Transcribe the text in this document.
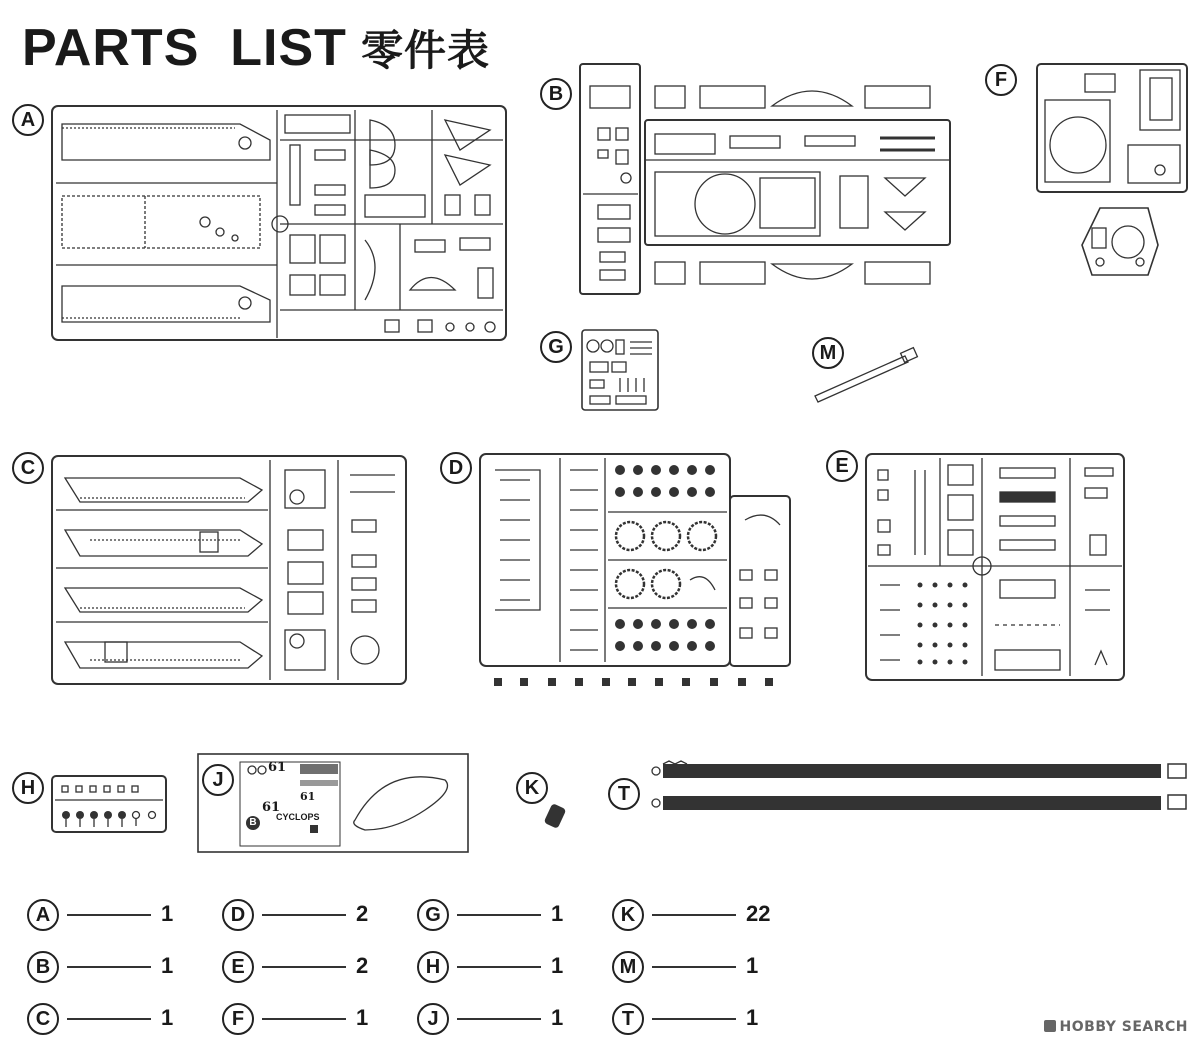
PARTS  LIST 零件表
61
61
61
CYCLOPS
B
A
B
C	D	E
F
G
H	J	K
M
T
A	1
B	1
C	1
D	2
E	2
F	1
G	1
H	1
J	1
K	22
M	1
T	1	HOBBY SEARCH
